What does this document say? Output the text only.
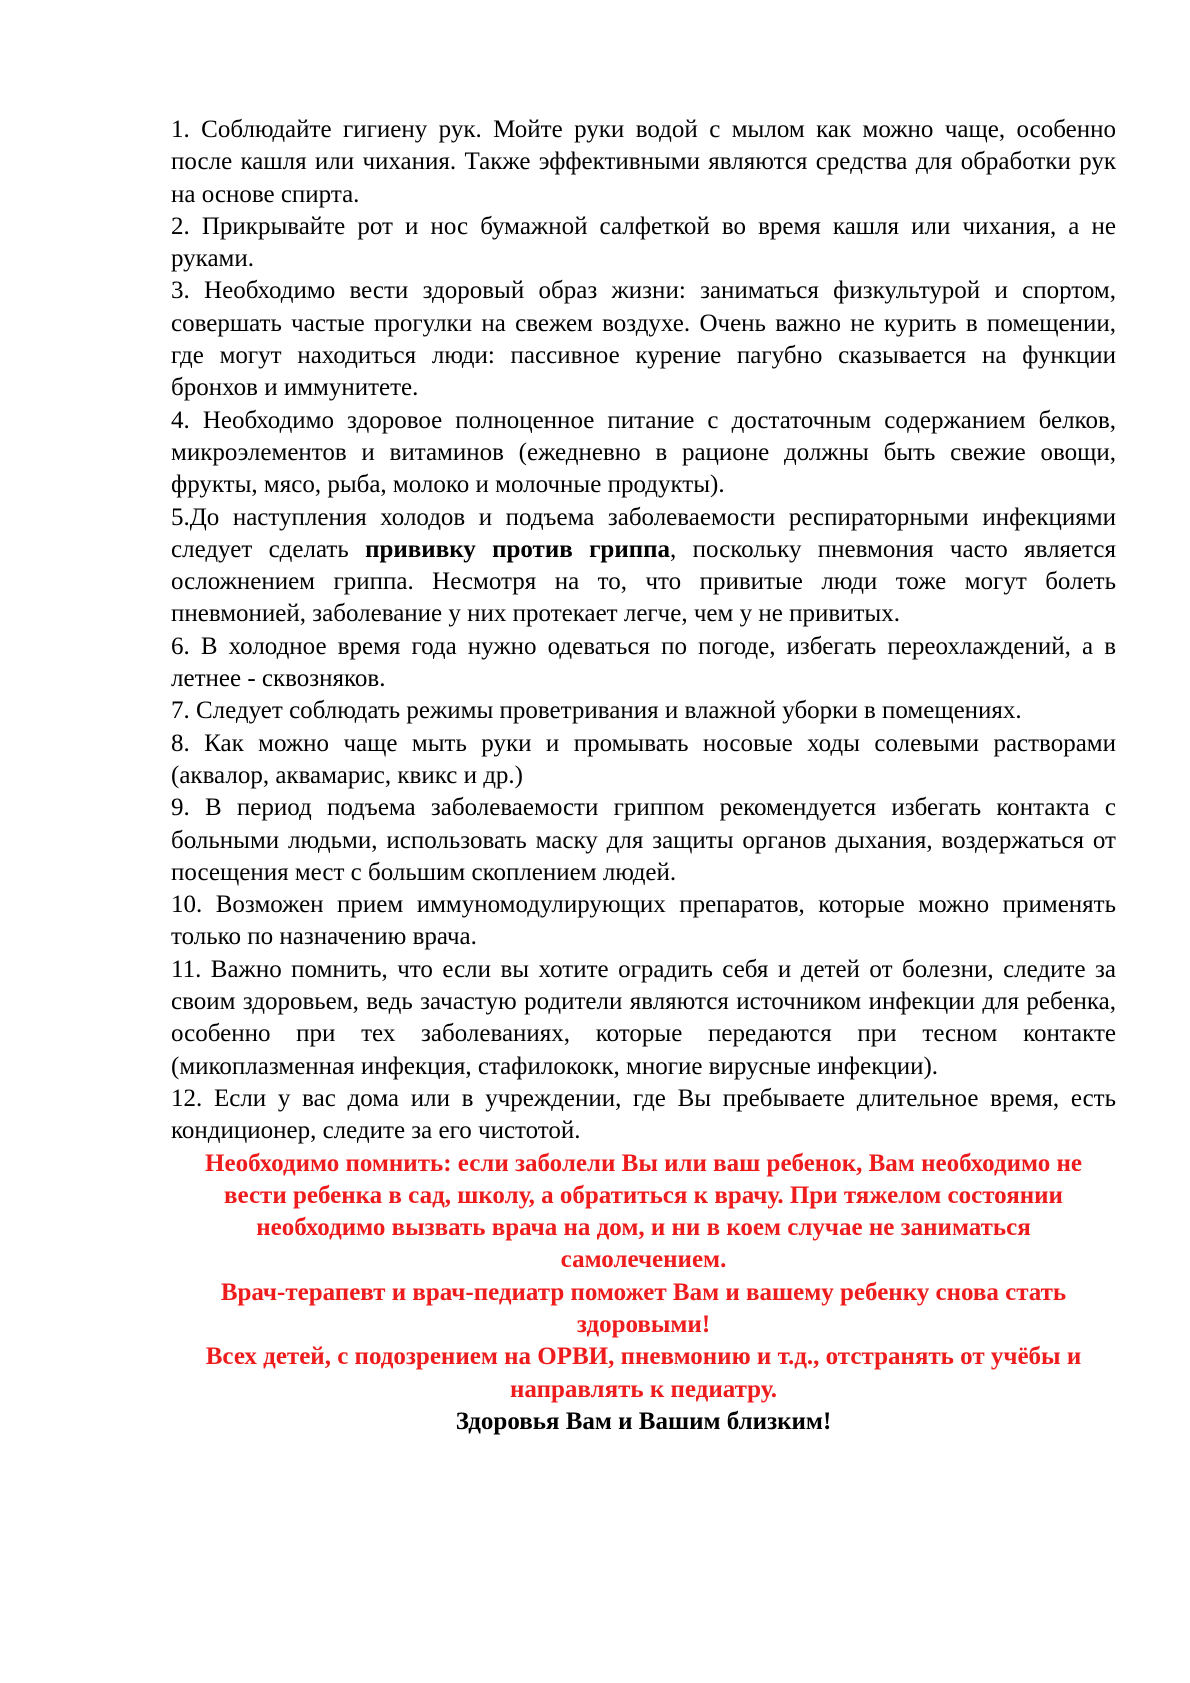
1. Соблюдайте гигиену рук. Мойте руки водой с мылом как можно чаще, особенно после кашля или чихания. Также эффективными являются средства для обработки рук на основе спирта.

2. Прикрывайте рот и нос бумажной салфеткой во время кашля или чихания, а не руками.

3. Необходимо вести здоровый образ жизни: заниматься физкультурой и спортом, совершать частые прогулки на свежем воздухе. Очень важно не курить в помещении, где могут находиться люди: пассивное курение пагубно сказывается на функции бронхов и иммунитете.

4. Необходимо здоровое полноценное питание с достаточным содержанием белков, микроэлементов и витаминов (ежедневно в рационе должны быть свежие овощи, фрукты, мясо, рыба, молоко и молочные продукты).

5.До наступления холодов и подъема заболеваемости респираторными инфекциями следует сделать прививку против гриппа, поскольку пневмония часто является осложнением гриппа. Несмотря на то, что привитые люди тоже могут болеть пневмонией, заболевание у них протекает легче, чем у не привитых.

6. В холодное время года нужно одеваться по погоде, избегать переохлаждений, а в летнее - сквозняков.

7. Следует соблюдать режимы проветривания и влажной уборки в помещениях.

8. Как можно чаще мыть руки и промывать носовые ходы солевыми растворами (аквалор, аквамарис, квикс и др.)

9. В период подъема заболеваемости гриппом рекомендуется избегать контакта с больными людьми, использовать маску для защиты органов дыхания, воздержаться от посещения мест с большим скоплением людей.

10. Возможен прием иммуномодулирующих препаратов, которые можно применять только по назначению врача.

11. Важно помнить, что если вы хотите оградить себя и детей от болезни, следите за своим здоровьем, ведь зачастую родители являются источником инфекции для ребенка, особенно при тех заболеваниях, которые передаются при тесном контакте (микоплазменная инфекция, стафилококк, многие вирусные инфекции).

12. Если у вас дома или в учреждении, где Вы пребываете длительное время, есть кондиционер, следите за его чистотой.

Необходимо помнить: если заболели Вы или ваш ребенок, Вам необходимо не вести ребенка в сад, школу, а обратиться к врачу. При тяжелом состоянии необходимо вызвать врача на дом, и ни в коем случае не заниматься самолечением.

Врач-терапевт и врач-педиатр поможет Вам и вашему ребенку снова стать здоровыми!

Всех детей, с подозрением на ОРВИ, пневмонию и т.д., отстранять от учёбы и направлять к педиатру.

Здоровья Вам и Вашим близким!
